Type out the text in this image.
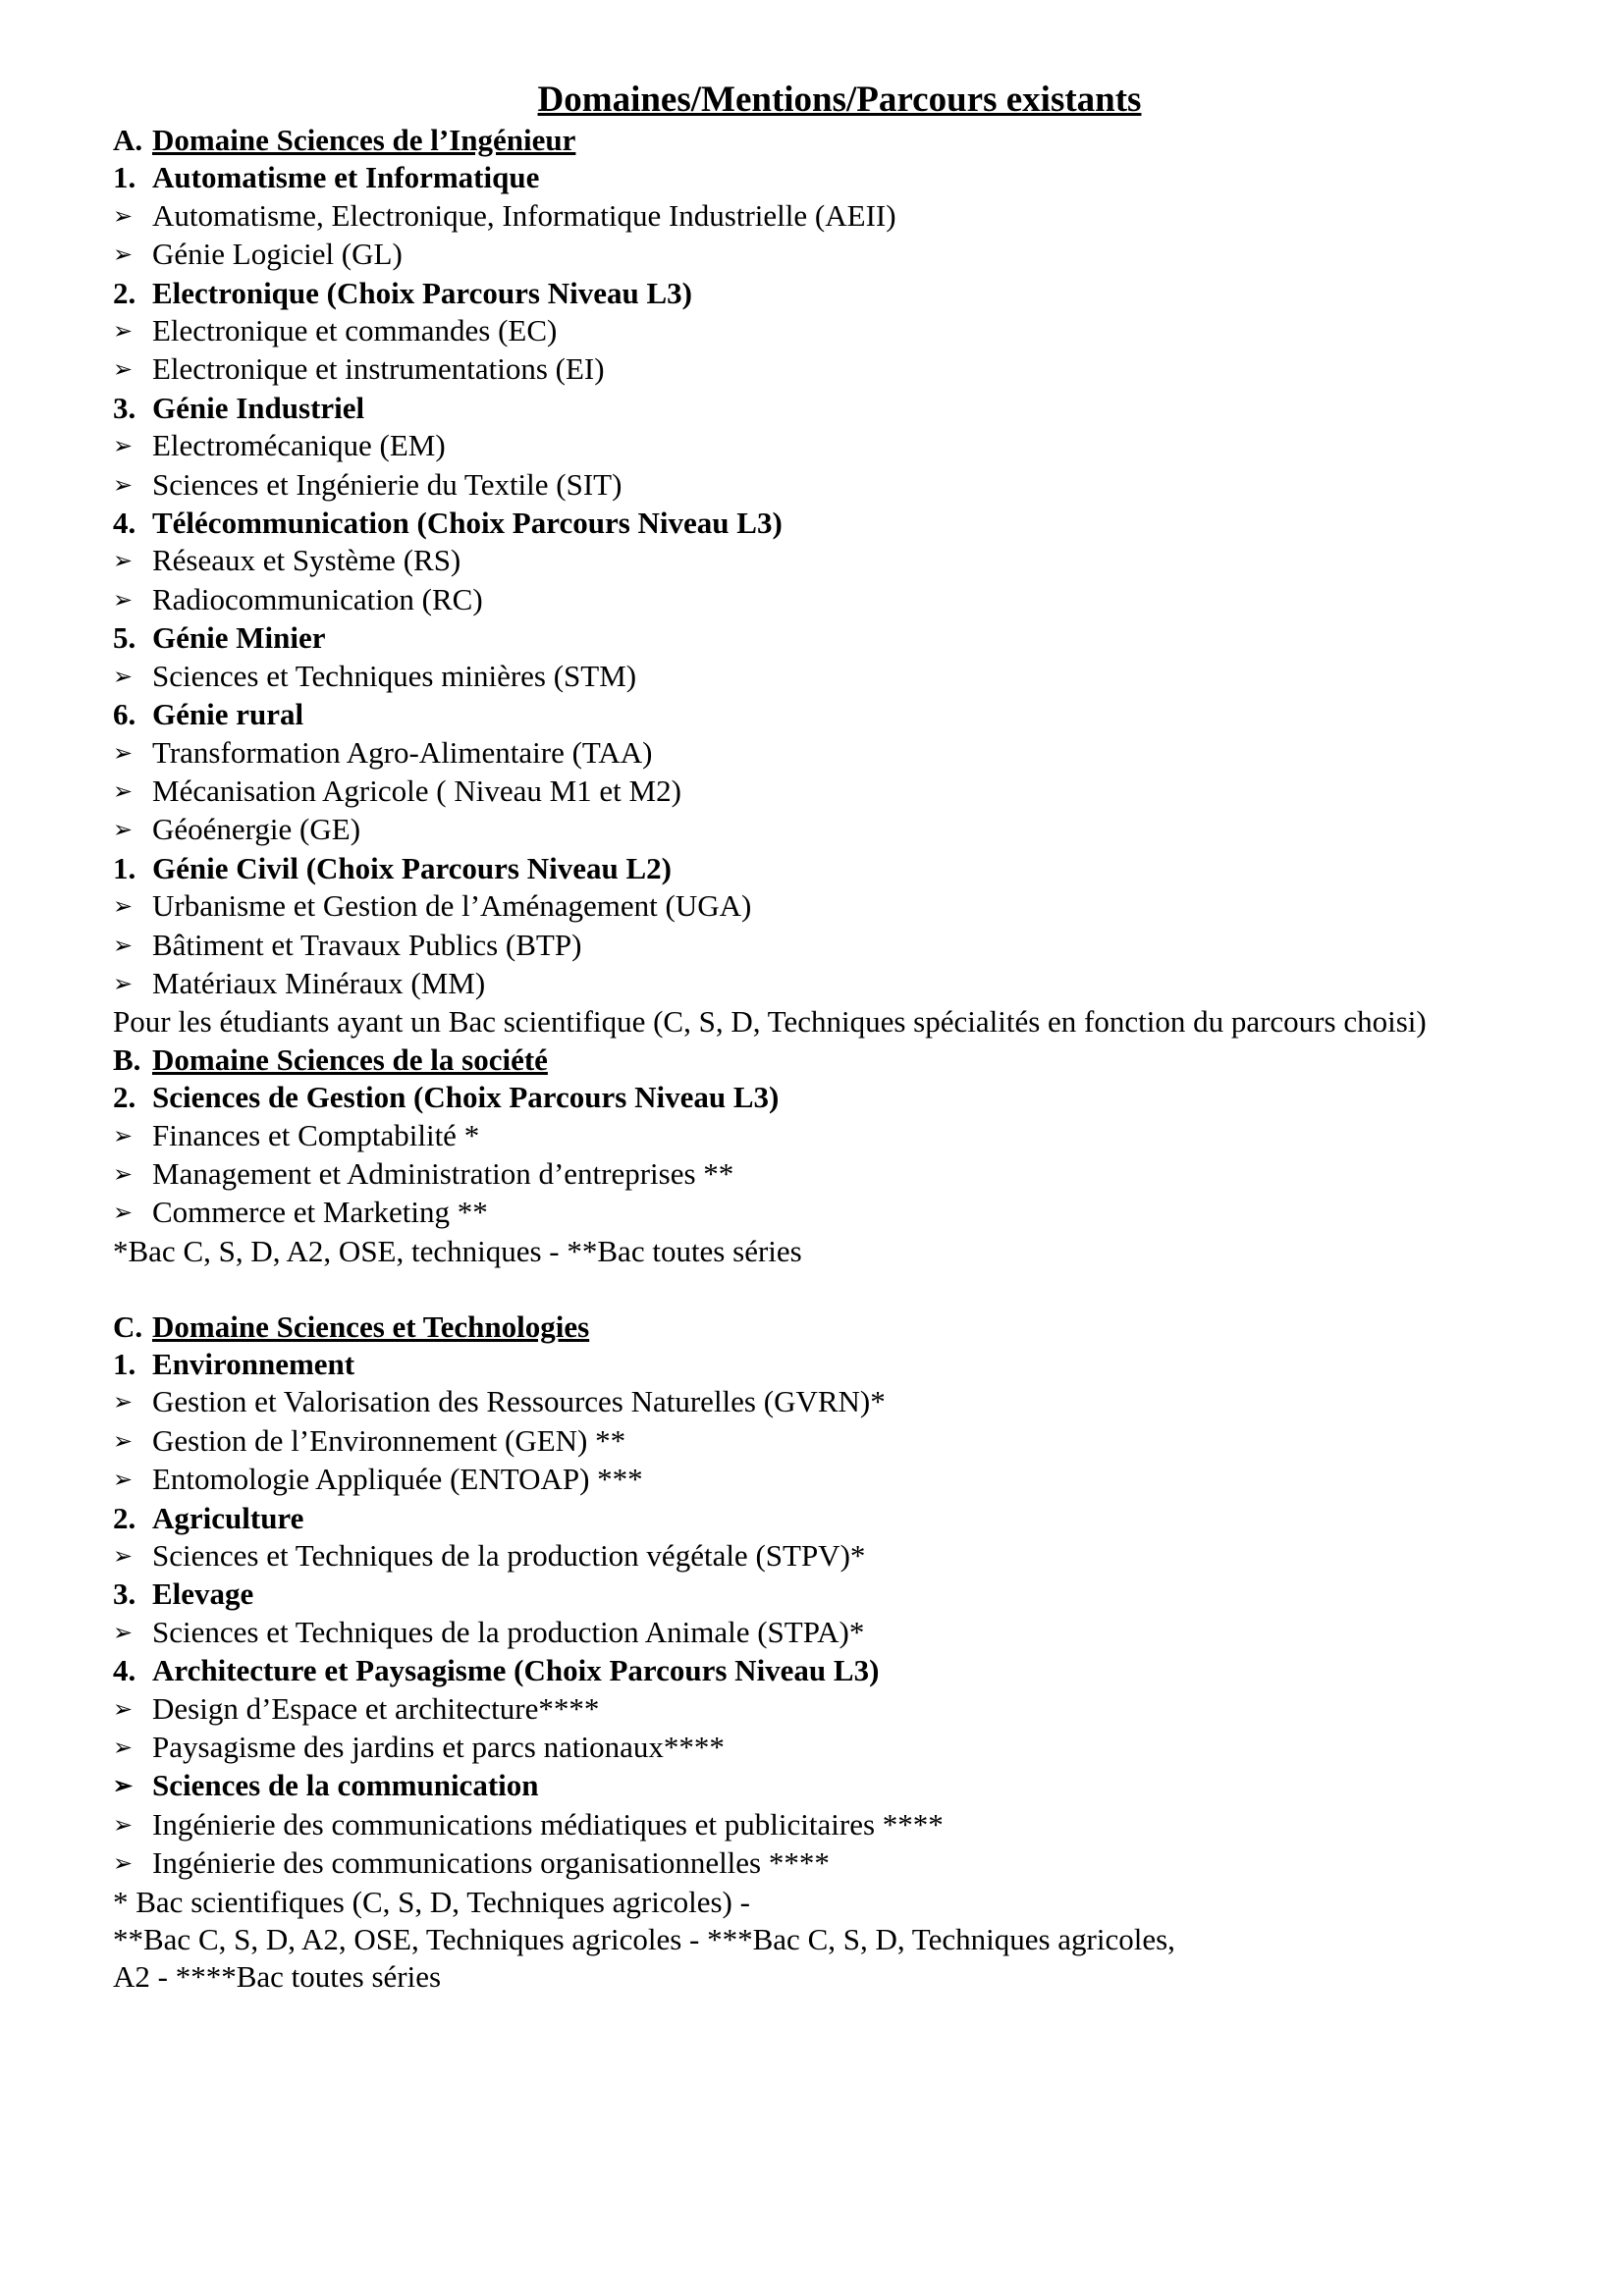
Domaines/Mentions/Parcours existants
A. Domaine Sciences de l’Ingénieur
1. Automatisme et Informatique
➢ Automatisme, Electronique, Informatique Industrielle (AEII)
➢ Génie Logiciel (GL)
2. Electronique (Choix Parcours Niveau L3)
➢ Electronique et commandes (EC)
➢ Electronique et instrumentations (EI)
3. Génie Industriel
➢ Electromécanique (EM)
➢ Sciences et Ingénierie du Textile (SIT)
4. Télécommunication (Choix Parcours Niveau L3)
➢ Réseaux et Système (RS)
➢ Radiocommunication (RC)
5. Génie Minier
➢ Sciences et Techniques minières (STM)
6. Génie rural
➢ Transformation Agro-Alimentaire (TAA)
➢ Mécanisation Agricole ( Niveau M1 et M2)
➢ Géoénergie (GE)
1. Génie Civil (Choix Parcours Niveau L2)
➢ Urbanisme et Gestion de l’Aménagement (UGA)
➢ Bâtiment et Travaux Publics (BTP)
➢ Matériaux Minéraux (MM)
Pour les étudiants ayant un Bac scientifique (C, S, D, Techniques spécialités en fonction du parcours choisi)
B. Domaine Sciences de la société
2. Sciences de Gestion (Choix Parcours Niveau L3)
➢ Finances et Comptabilité *
➢ Management et Administration d’entreprises **
➢ Commerce et Marketing **
*Bac C, S, D, A2, OSE, techniques - **Bac toutes séries
C. Domaine Sciences et Technologies
1. Environnement
➢ Gestion et Valorisation des Ressources Naturelles (GVRN)*
➢ Gestion de l’Environnement (GEN) **
➢ Entomologie Appliquée (ENTOAP) ***
2. Agriculture
➢ Sciences et Techniques de la production végétale (STPV)*
3. Elevage
➢ Sciences et Techniques de la production Animale (STPA)*
4. Architecture et Paysagisme (Choix Parcours Niveau L3)
➢ Design d’Espace et architecture****
➢ Paysagisme des jardins et parcs nationaux****
➢ Sciences de la communication
➢ Ingénierie des communications médiatiques et publicitaires ****
➢ Ingénierie des communications organisationnelles ****
* Bac scientifiques (C, S, D, Techniques agricoles) -
**Bac C, S, D, A2, OSE, Techniques agricoles - ***Bac C, S, D, Techniques agricoles,
A2 - ****Bac toutes séries
